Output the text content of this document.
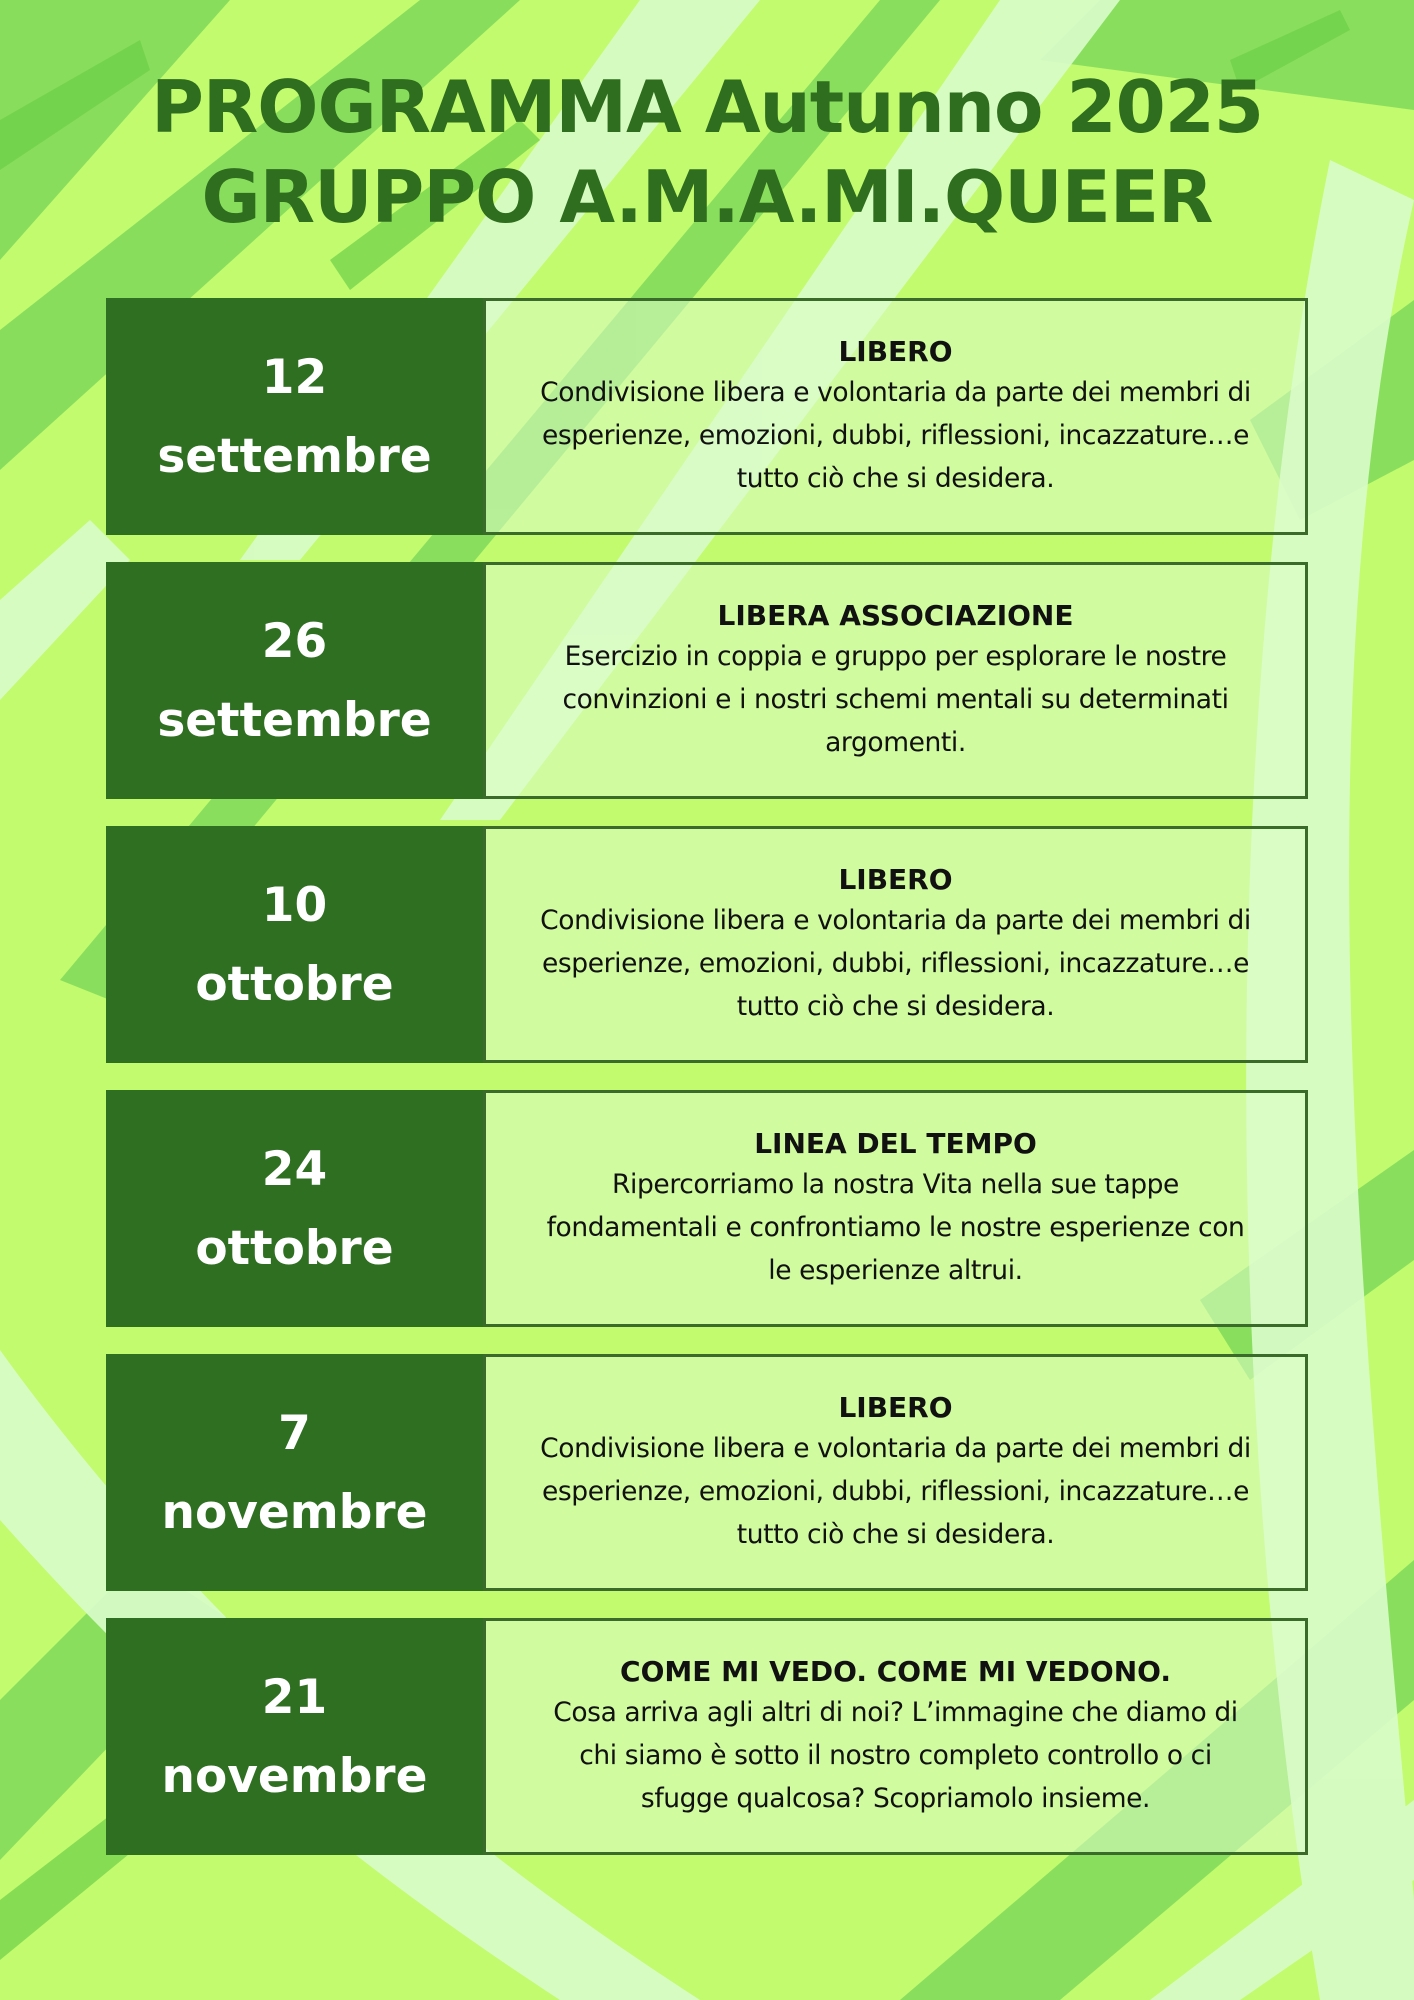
PROGRAMMA Autunno 2025
GRUPPO A.M.A.MI.QUEER
12
settembre
LIBERO
Condivisione libera e volontaria da parte dei membri di
esperienze, emozioni, dubbi, riflessioni, incazzature…e
tutto ciò che si desidera.
26
settembre
LIBERA ASSOCIAZIONE
Esercizio in coppia e gruppo per esplorare le nostre
convinzioni e i nostri schemi mentali su determinati
argomenti.
10
ottobre
LIBERO
Condivisione libera e volontaria da parte dei membri di
esperienze, emozioni, dubbi, riflessioni, incazzature…e
tutto ciò che si desidera.
24
ottobre
LINEA DEL TEMPO
Ripercorriamo la nostra Vita nella sue tappe
fondamentali e confrontiamo le nostre esperienze con
le esperienze altrui.
7
novembre
LIBERO
Condivisione libera e volontaria da parte dei membri di
esperienze, emozioni, dubbi, riflessioni, incazzature…e
tutto ciò che si desidera.
21
novembre
COME MI VEDO. COME MI VEDONO.
Cosa arriva agli altri di noi? L’immagine che diamo di
chi siamo è sotto il nostro completo controllo o ci
sfugge qualcosa? Scopriamolo insieme.
